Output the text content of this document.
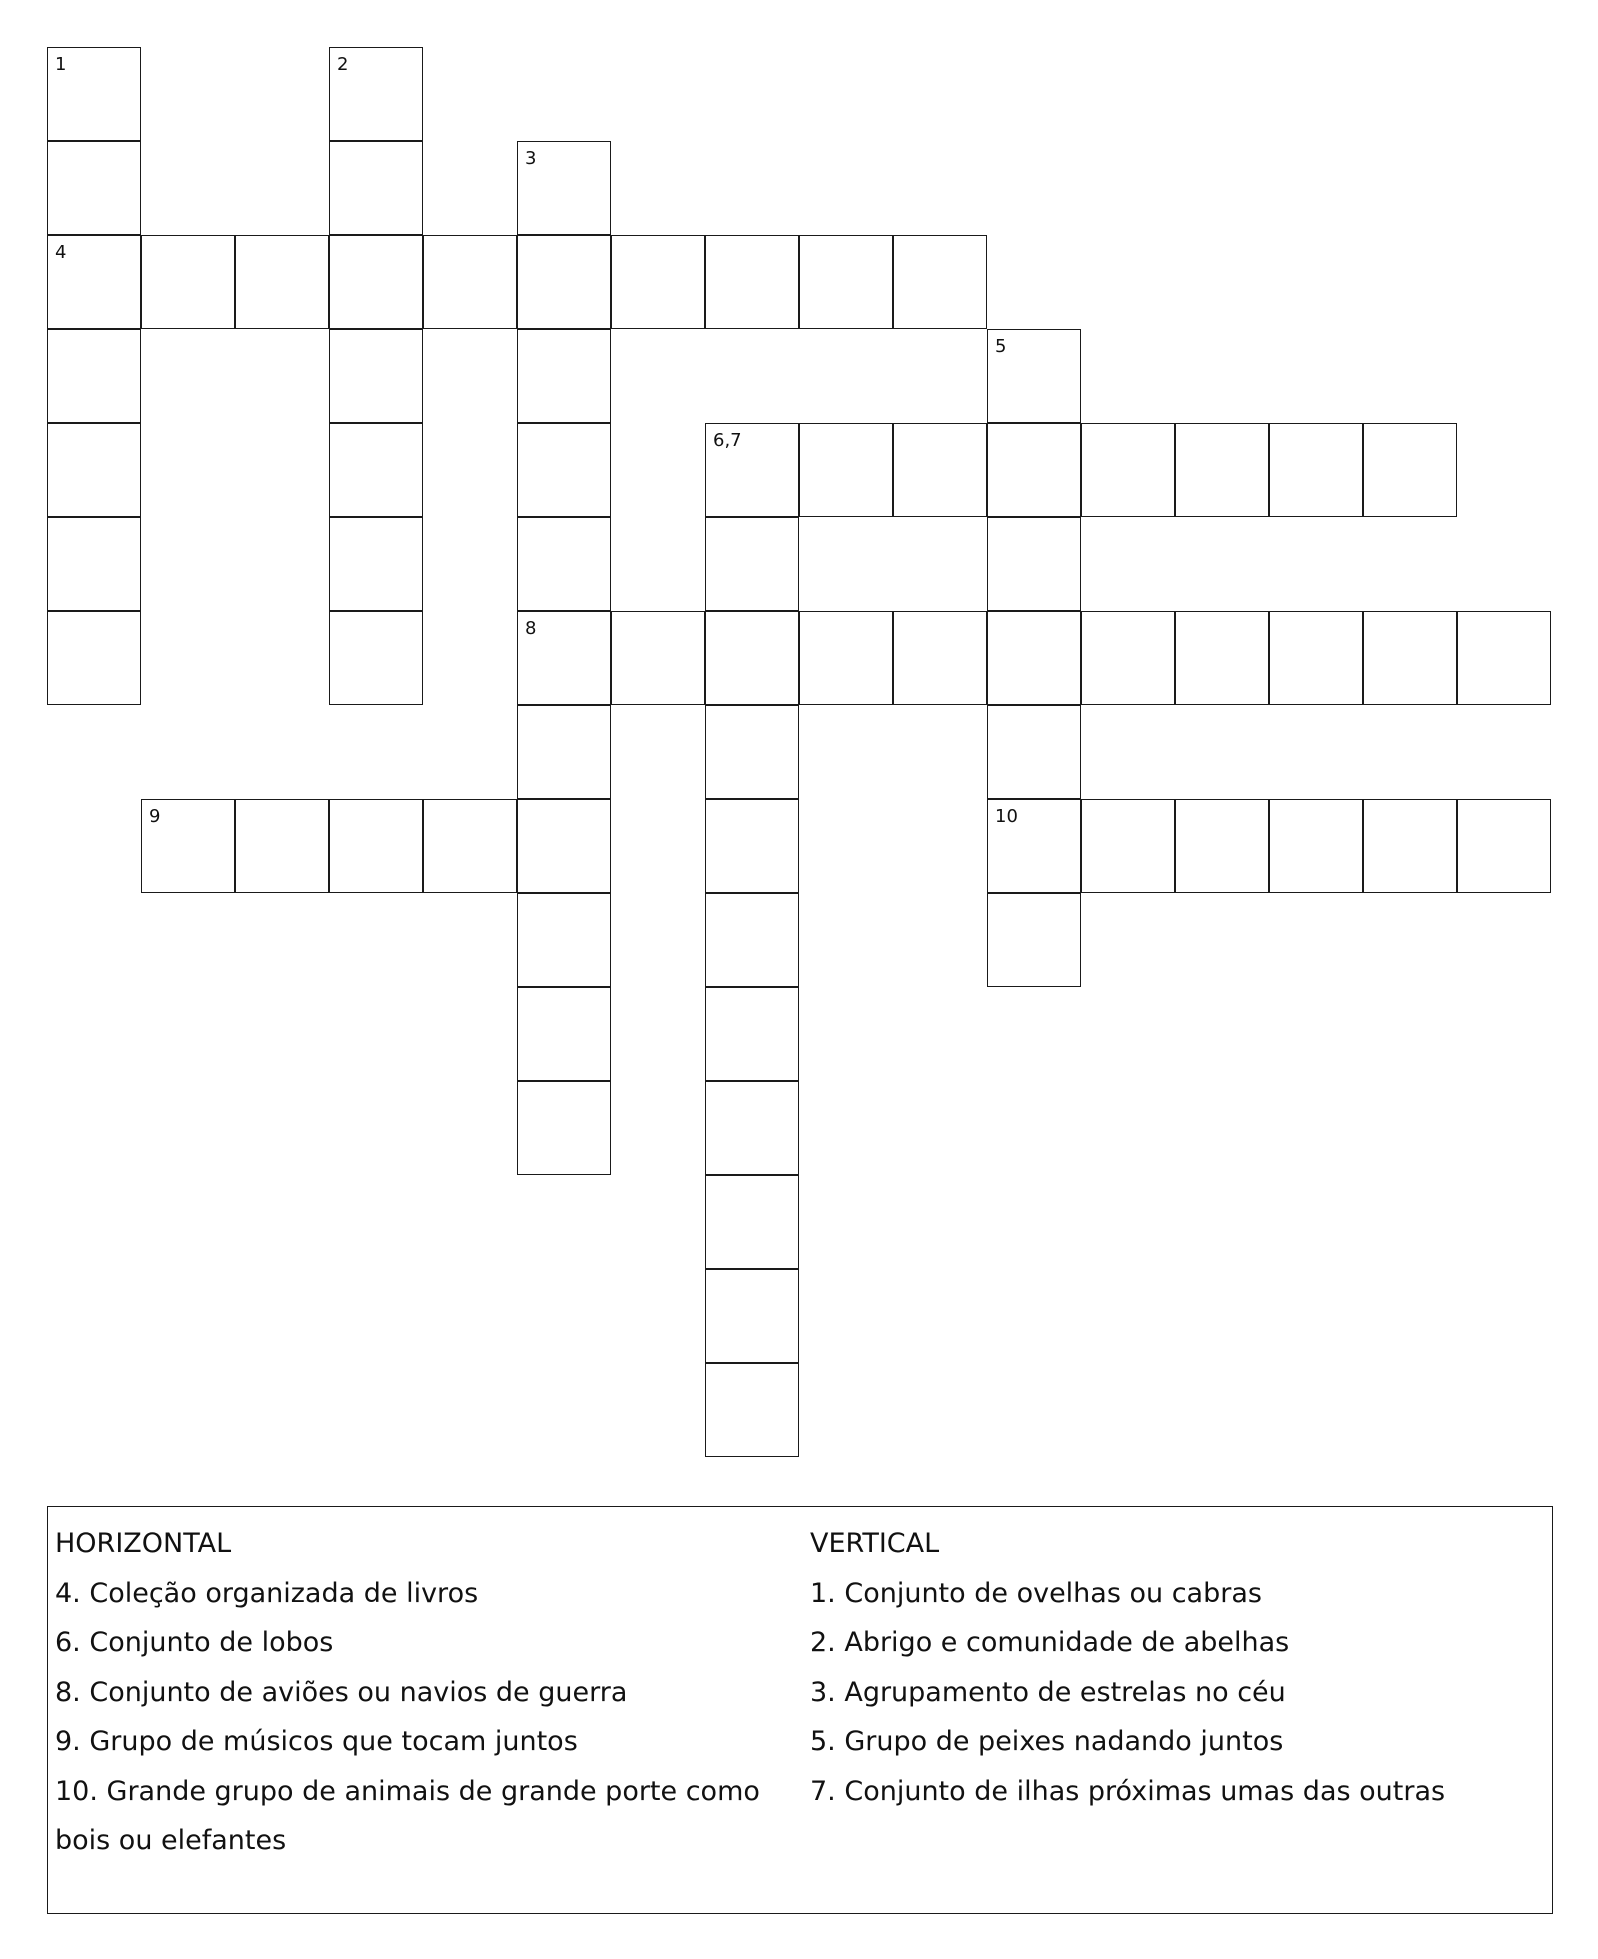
4
6,7
8
9	10
1	2
3
5

HORIZONTAL

4. Coleção organizada de livros

6. Conjunto de lobos

8. Conjunto de aviões ou navios de guerra

9. Grupo de músicos que tocam juntos

10. Grande grupo de animais de grande porte como bois ou elefantes

VERTICAL

1. Conjunto de ovelhas ou cabras

2. Abrigo e comunidade de abelhas

3. Agrupamento de estrelas no céu

5. Grupo de peixes nadando juntos

7. Conjunto de ilhas próximas umas das outras
